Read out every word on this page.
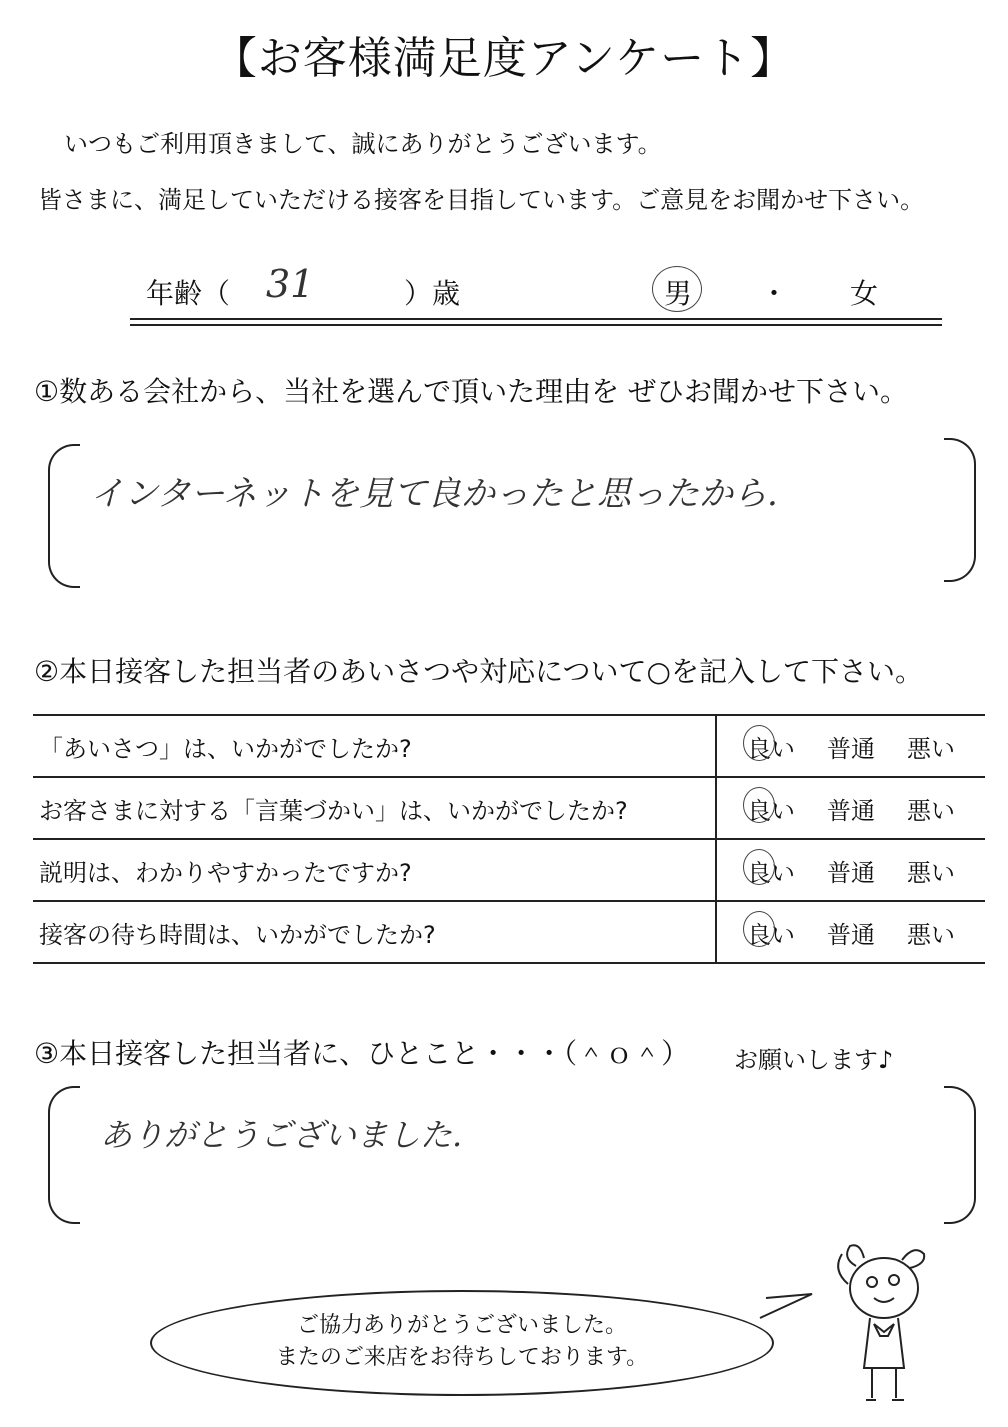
【お客様満足度アンケート】
いつもご利用頂きまして、誠にありがとうございます。
皆さまに、満足していただける接客を目指しています。ご意見をお聞かせ下さい。
年齢（ 31	）歳	男 ・ 女
①数ある会社から、当社を選んで頂いた理由を ぜひお聞かせ下さい。
インターネットを見て良かったと思ったから.
②本日接客した担当者のあいさつや対応について○を記入して下さい。
「あいさつ」は、いかがでしたか?	良い 普通 悪い
お客さまに対する「言葉づかい」は、いかがでしたか?	良い 普通 悪い
説明は、わかりやすかったですか?	良い 普通 悪い
接客の待ち時間は、いかがでしたか?	良い 普通 悪い
③本日接客した担当者に、ひとこと・・・（＾ｏ＾） お願いします♪
ありがとうございました.
ご協力ありがとうございました。
またのご来店をお待ちしております。
